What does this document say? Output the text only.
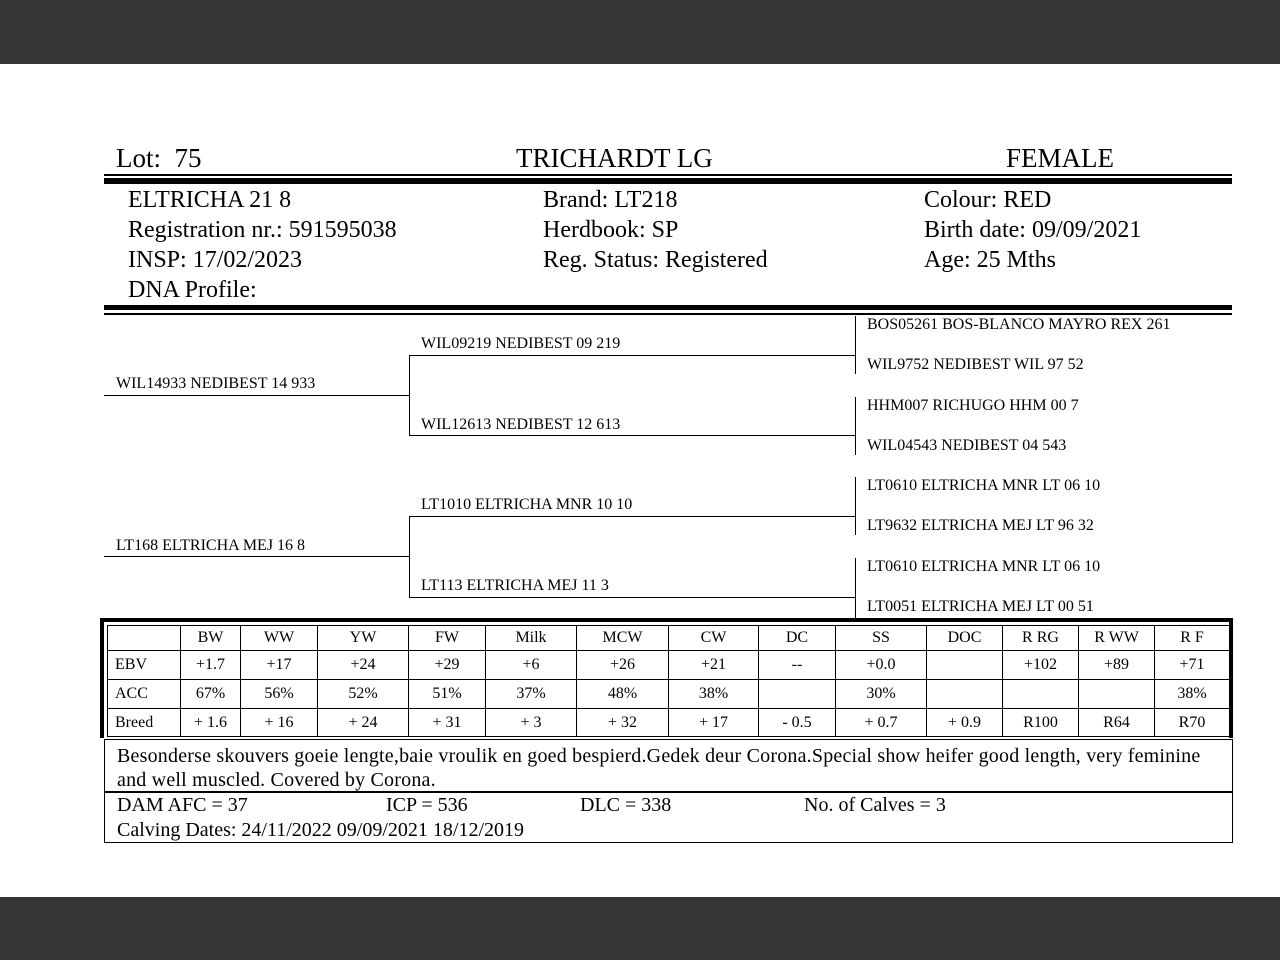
Lot: 75	TRICHARDT LG	FEMALE
ELTRICHA 21 8
Registration nr.: 591595038
INSP: 17/02/2023
DNA Profile:
Brand: LT218
Herdbook: SP
Reg. Status: Registered
Colour: RED
Birth date: 09/09/2021
Age: 25 Mths
WIL14933 NEDIBEST 14 933
LT168 ELTRICHA MEJ 16 8
WIL09219 NEDIBEST 09 219
WIL12613 NEDIBEST 12 613
LT1010 ELTRICHA MNR 10 10
LT113 ELTRICHA MEJ 11 3
BOS05261 BOS-BLANCO MAYRO REX 261
WIL9752 NEDIBEST WIL 97 52
HHM007 RICHUGO HHM 00 7
WIL04543 NEDIBEST 04 543
LT0610 ELTRICHA MNR LT 06 10
LT9632 ELTRICHA MEJ LT 96 32
LT0610 ELTRICHA MNR LT 06 10
LT0051 ELTRICHA MEJ LT 00 51
	BW	WW	YW	FW	Milk	MCW	CW	DC	SS	DOC	R RG	R WW	R F
EBV	+1.7	+17	+24	+29	+6	+26	+21	--	+0.0		+102	+89	+71
ACC	67%	56%	52%	51%	37%	48%	38%		30%				38%
Breed	+ 1.6	+ 16	+ 24	+ 31	+ 3	+ 32	+ 17	- 0.5	+ 0.7	+ 0.9	R100	R64	R70
Besonderse skouvers goeie lengte,baie vroulik en goed bespierd.Gedek deur Corona.Special show heifer good length, very feminine and well muscled. Covered by Corona.
DAM AFC = 37	ICP = 536	DLC = 338	No. of Calves = 3
Calving Dates: 24/11/2022 09/09/2021 18/12/2019
